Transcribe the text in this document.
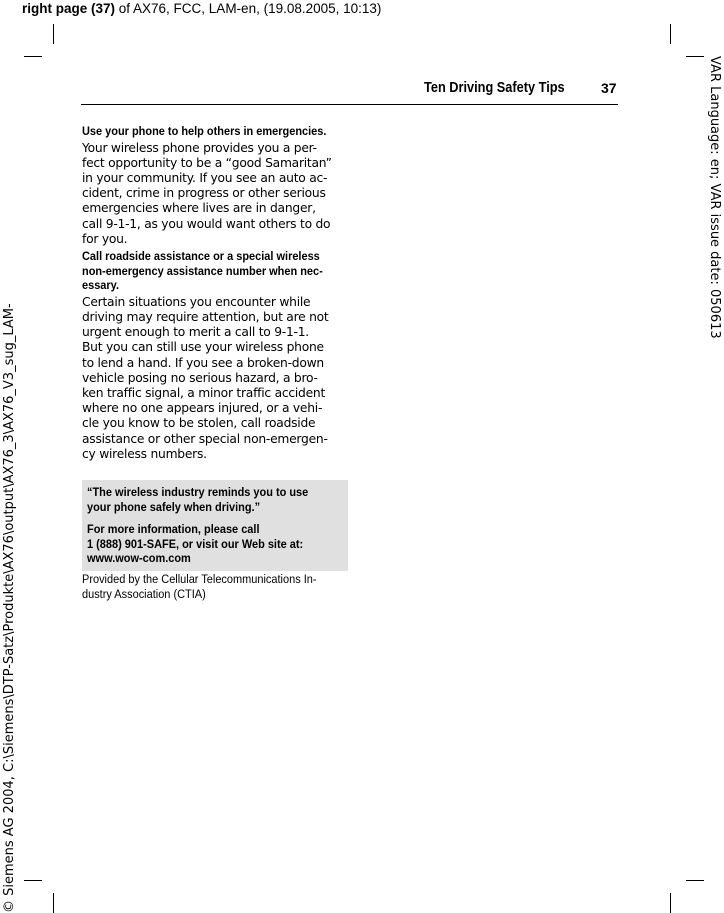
right page (37) of AX76, FCC, LAM-en, (19.08.2005, 10:13)
VAR Language: en; VAR issue date: 050613
© Siemens AG 2004, C:\Siemens\DTP-Satz\Produkte\AX76\output\AX76_3\AX76_V3_sug_LAM-
Ten Driving Safety Tips	37
Use your phone to help others in emergencies.
Your wireless phone provides you a per-
fect opportunity to be a “good Samaritan”
in your community. If you see an auto ac-
cident, crime in progress or other serious
emergencies where lives are in danger,
call 9-1-1, as you would want others to do
for you.
Call roadside assistance or a special wireless
non-emergency assistance number when nec-
essary.
Certain situations you encounter while
driving may require attention, but are not
urgent enough to merit a call to 9-1-1.
But you can still use your wireless phone
to lend a hand. If you see a broken-down
vehicle posing no serious hazard, a bro-
ken traffic signal, a minor traffic accident
where no one appears injured, or a vehi-
cle you know to be stolen, call roadside
assistance or other special non-emergen-
cy wireless numbers.
“The wireless industry reminds you to use
your phone safely when driving.”
For more information, please call
1 (888) 901-SAFE, or visit our Web site at:
www.wow-com.com
Provided by the Cellular Telecommunications In-
dustry Association (CTIA)
